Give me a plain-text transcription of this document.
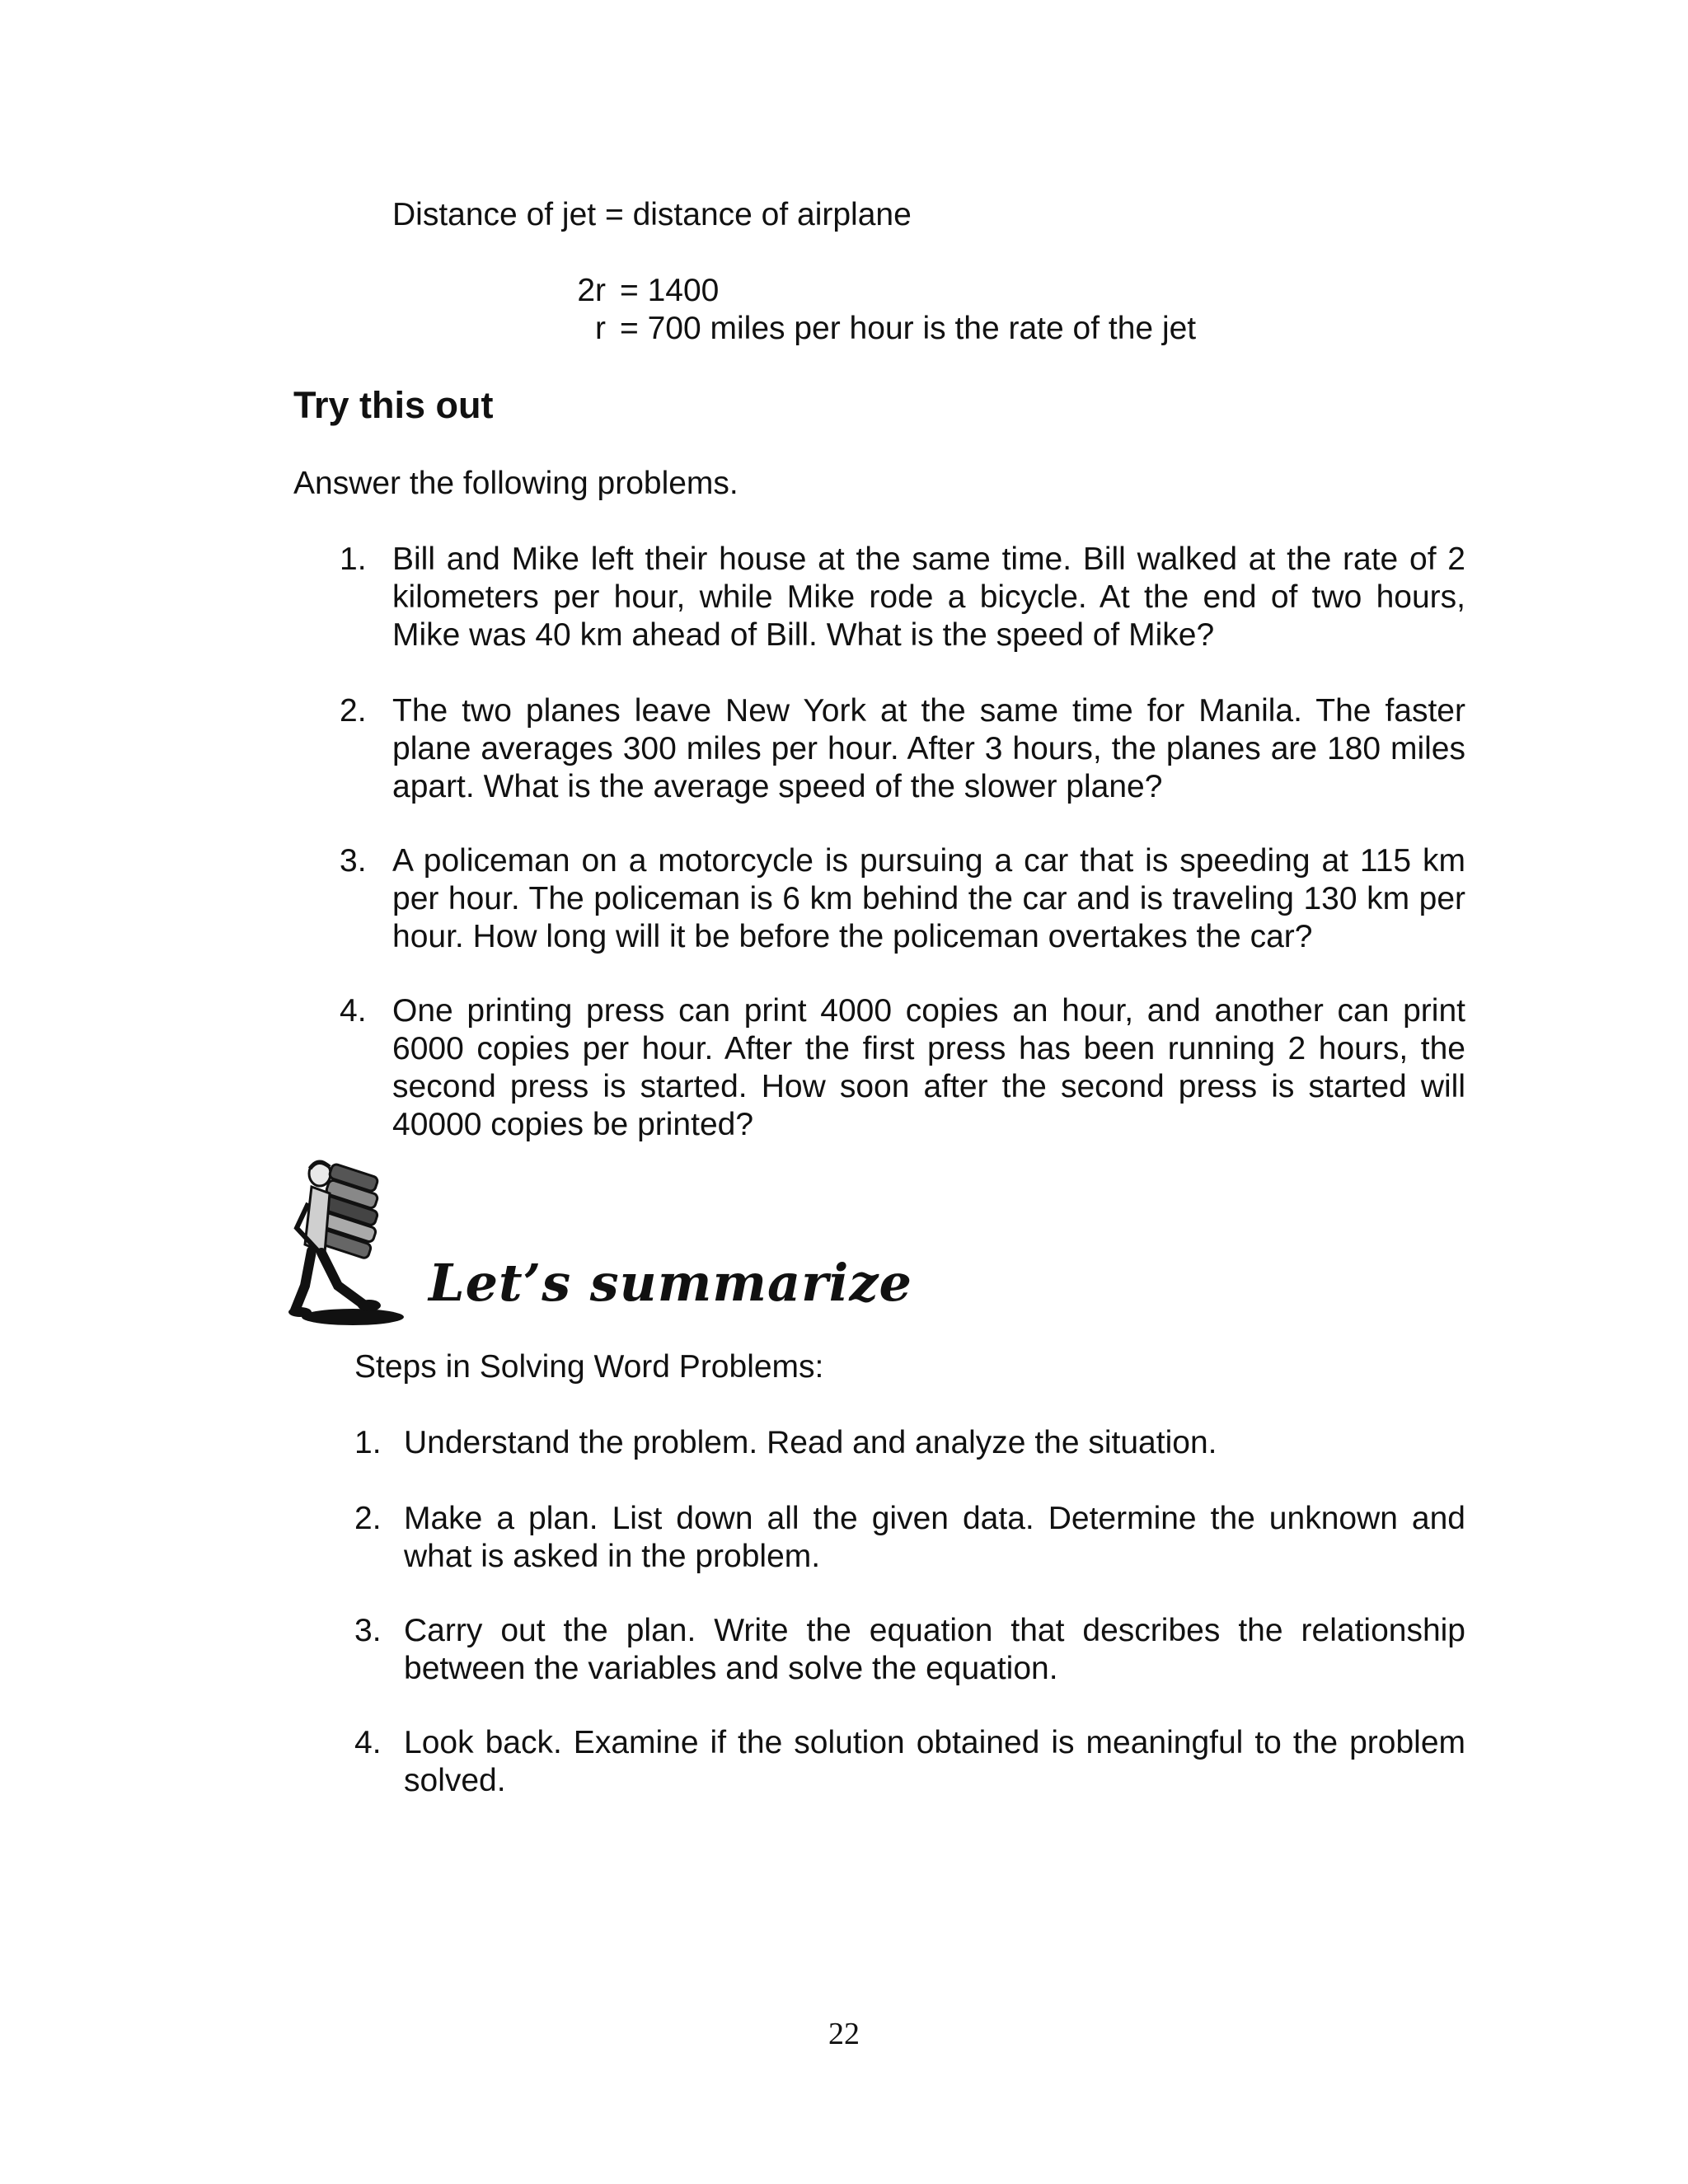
Distance of jet = distance of airplane
2r = 1400
r = 700 miles per hour is the rate of the jet
Try this out
Answer the following problems.
1. Bill and Mike left their house at the same time. Bill walked at the rate of 2 kilometers per hour, while Mike rode a bicycle. At the end of two hours, Mike was 40 km ahead of Bill. What is the speed of Mike?
2. The two planes leave New York at the same time for Manila. The faster plane averages 300 miles per hour. After 3 hours, the planes are 180 miles apart. What is the average speed of the slower plane?
3. A policeman on a motorcycle is pursuing a car that is speeding at 115 km per hour. The policeman is 6 km behind the car and is traveling 130 km per hour. How long will it be before the policeman overtakes the car?
4. One printing press can print 4000 copies an hour, and another can print 6000 copies per hour. After the first press has been running 2 hours, the second press is started. How soon after the second press is started will 40000 copies be printed?
Let’s summarize
Steps in Solving Word Problems:
1. Understand the problem. Read and analyze the situation.
2. Make a plan. List down all the given data. Determine the unknown and what is asked in the problem.
3. Carry out the plan. Write the equation that describes the relationship between the variables and solve the equation.
4. Look back. Examine if the solution obtained is meaningful to the problem solved.
22
